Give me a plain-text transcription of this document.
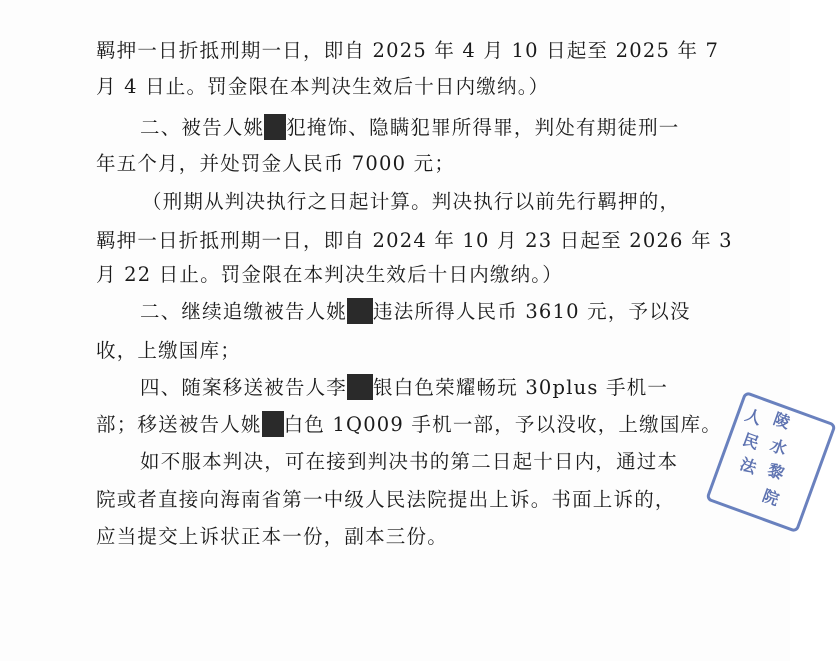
羁押一日折抵刑期一日，即自 2025 年 4 月 10 日起至 2025 年 7
月 4 日止。罚金限在本判决生效后十日内缴纳。）
二、被告人姚 犯掩饰、隐瞒犯罪所得罪，判处有期徒刑一
年五个月，并处罚金人民币 7000 元；
（刑期从判决执行之日起计算。判决执行以前先行羁押的，
羁押一日折抵刑期一日，即自 2024 年 10 月 23 日起至 2026 年 3
月 22 日止。罚金限在本判决生效后十日内缴纳。）
二、继续追缴被告人姚 违法所得人民币 3610 元，予以没
收，上缴国库；
四、随案移送被告人李 银白色荣耀畅玩 30plus 手机一
部；移送被告人姚 白色 1Q009 手机一部，予以没收，上缴国库。
如不服本判决，可在接到判决书的第二日起十日内，通过本
院或者直接向海南省第一中级人民法院提出上诉。书面上诉的，
应当提交上诉状正本一份，副本三份。
人 陵
民 水
法 黎
院
